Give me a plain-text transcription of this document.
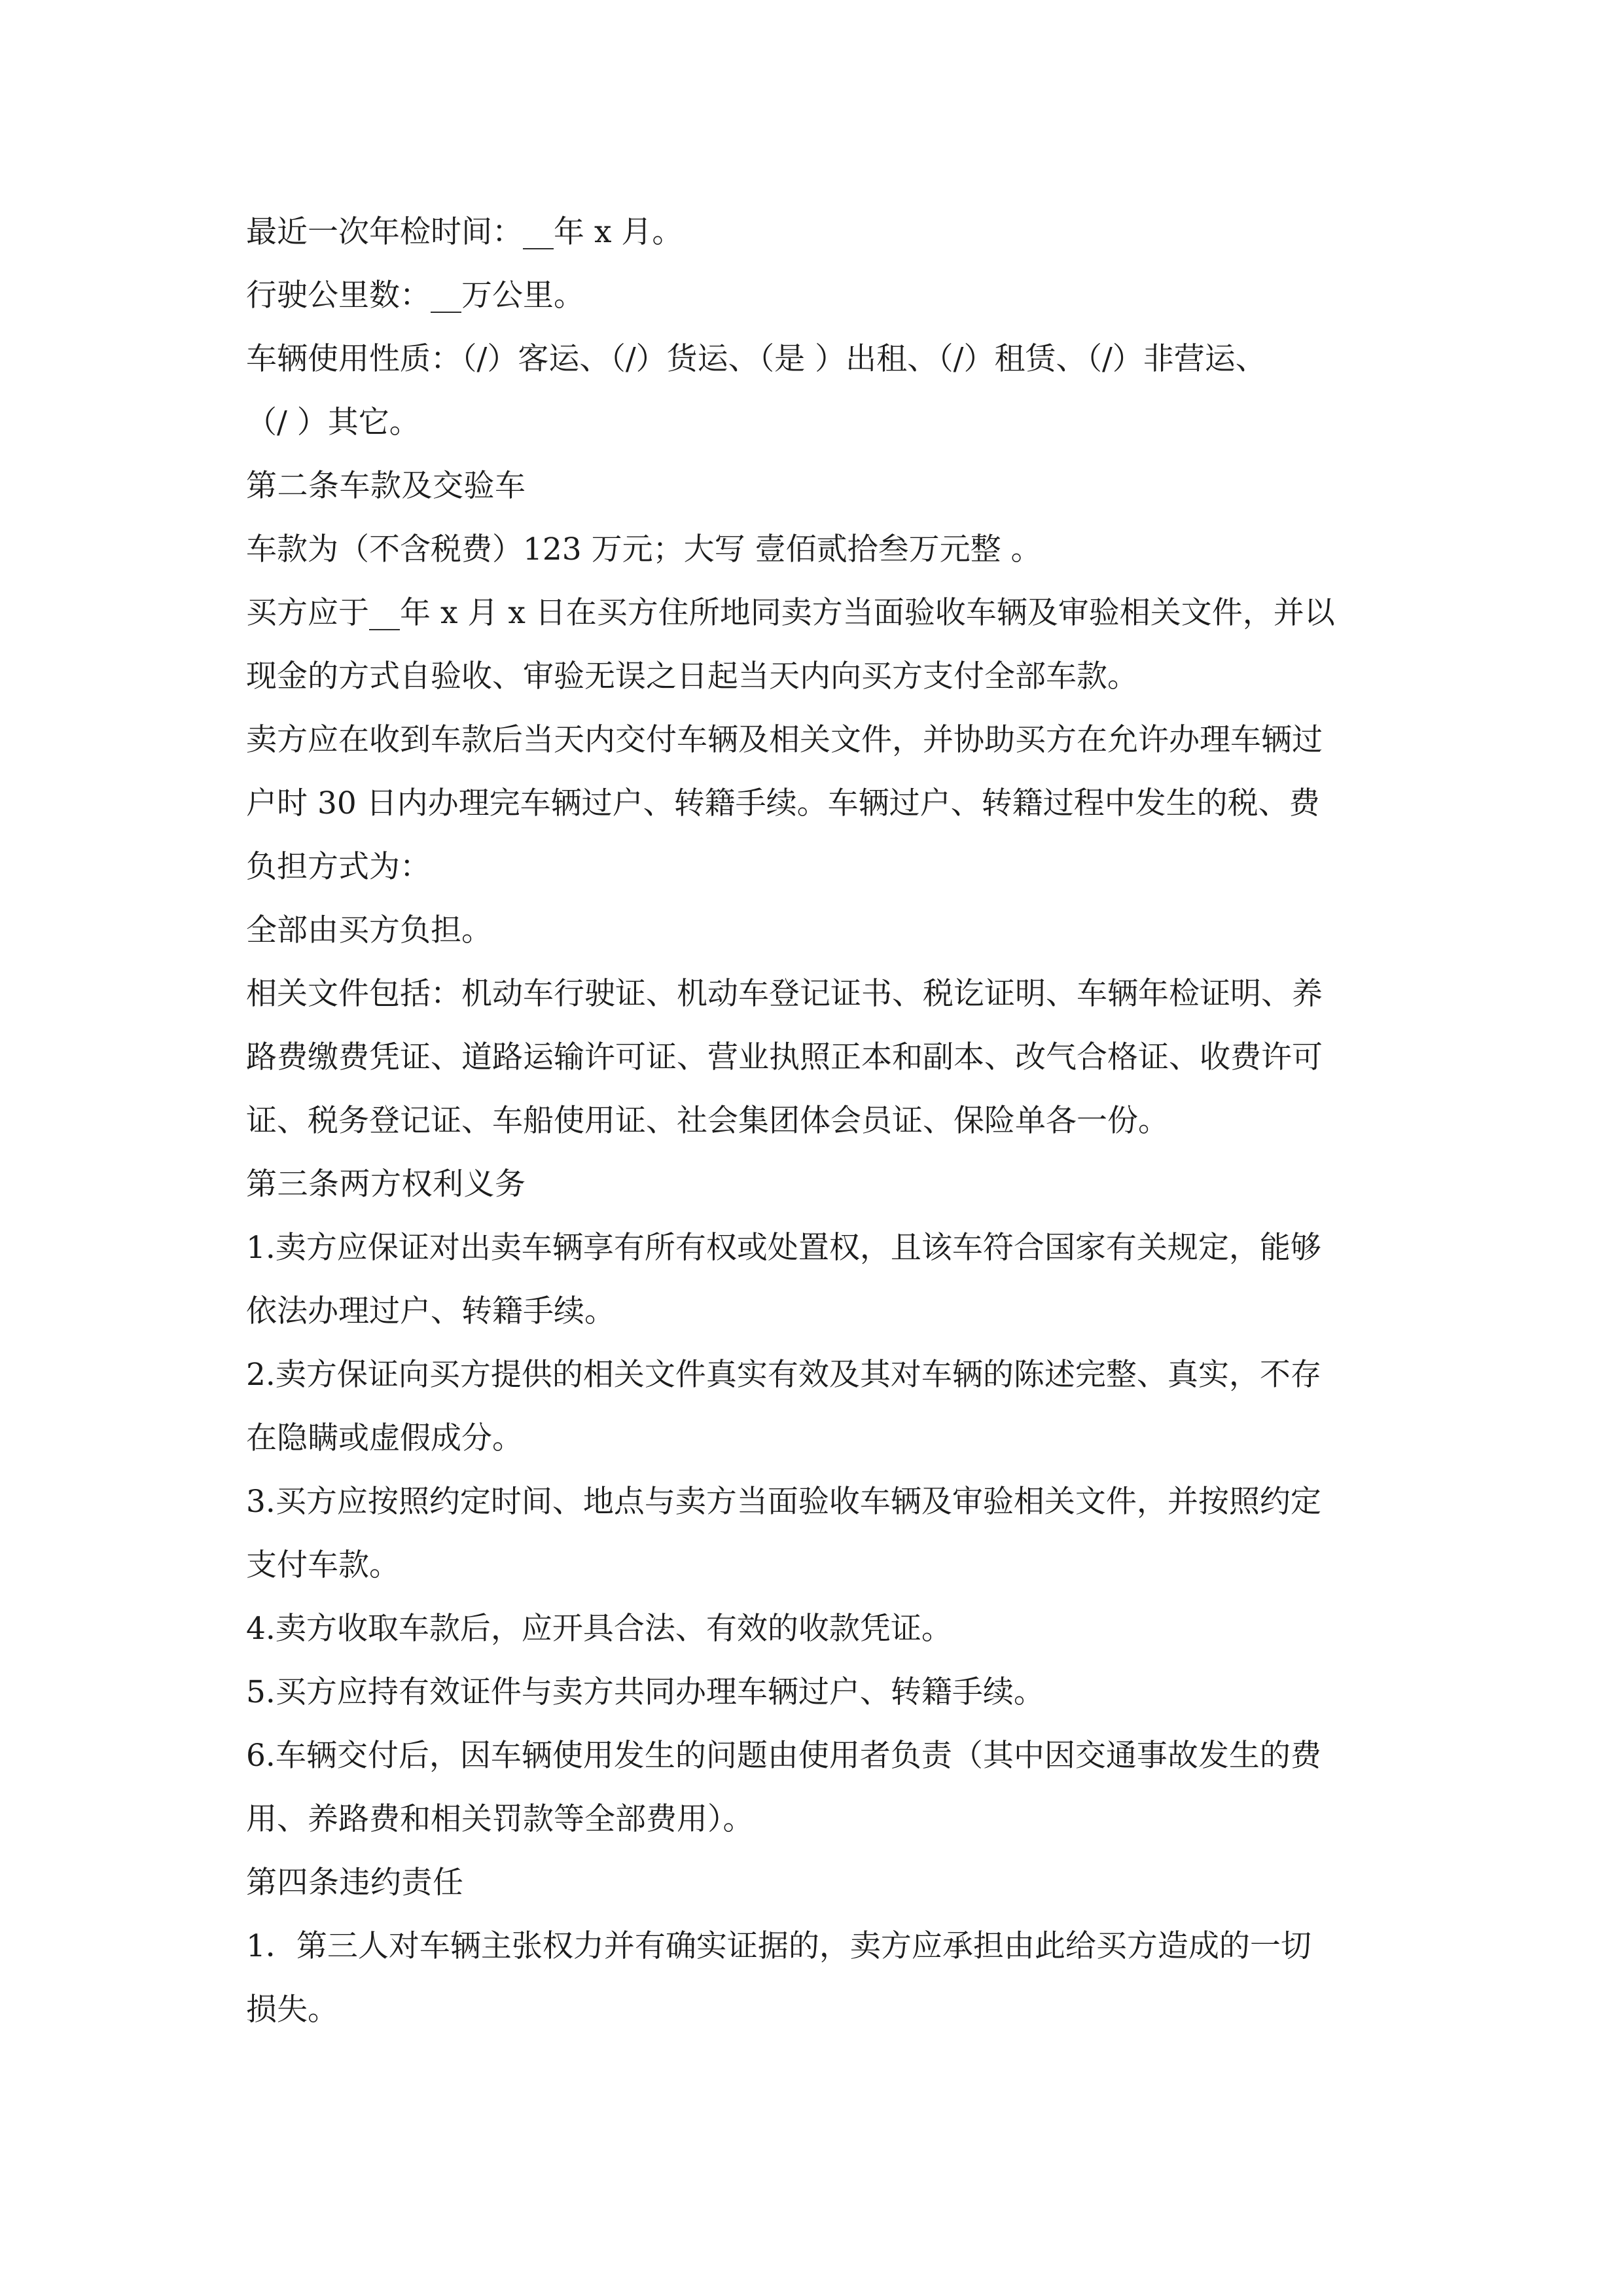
最近一次年检时间：__年 x 月。

行驶公里数：__万公里。

车辆使用性质：（/）客运、（/）货运、（是 ）出租、（/）租赁、（/）非营运、

（/ ）其它。

第二条车款及交验车

车款为（不含税费）123 万元；大写 壹佰贰拾叁万元整 。

买方应于__年 x 月 x 日在买方住所地同卖方当面验收车辆及审验相关文件，并以

现金的方式自验收、审验无误之日起当天内向买方支付全部车款。

卖方应在收到车款后当天内交付车辆及相关文件，并协助买方在允许办理车辆过

户时 30 日内办理完车辆过户、转籍手续。车辆过户、转籍过程中发生的税、费

负担方式为：

全部由买方负担。

相关文件包括：机动车行驶证、机动车登记证书、税讫证明、车辆年检证明、养

路费缴费凭证、道路运输许可证、营业执照正本和副本、改气合格证、收费许可

证、税务登记证、车船使用证、社会集团体会员证、保险单各一份。

第三条两方权利义务

1.卖方应保证对出卖车辆享有所有权或处置权，且该车符合国家有关规定，能够

依法办理过户、转籍手续。

2.卖方保证向买方提供的相关文件真实有效及其对车辆的陈述完整、真实，不存

在隐瞒或虚假成分。

3.买方应按照约定时间、地点与卖方当面验收车辆及审验相关文件，并按照约定

支付车款。

4.卖方收取车款后，应开具合法、有效的收款凭证。

5.买方应持有效证件与卖方共同办理车辆过户、转籍手续。

6.车辆交付后，因车辆使用发生的问题由使用者负责（其中因交通事故发生的费

用、养路费和相关罚款等全部费用）。

第四条违约责任

1．第三人对车辆主张权力并有确实证据的，卖方应承担由此给买方造成的一切

损失。
